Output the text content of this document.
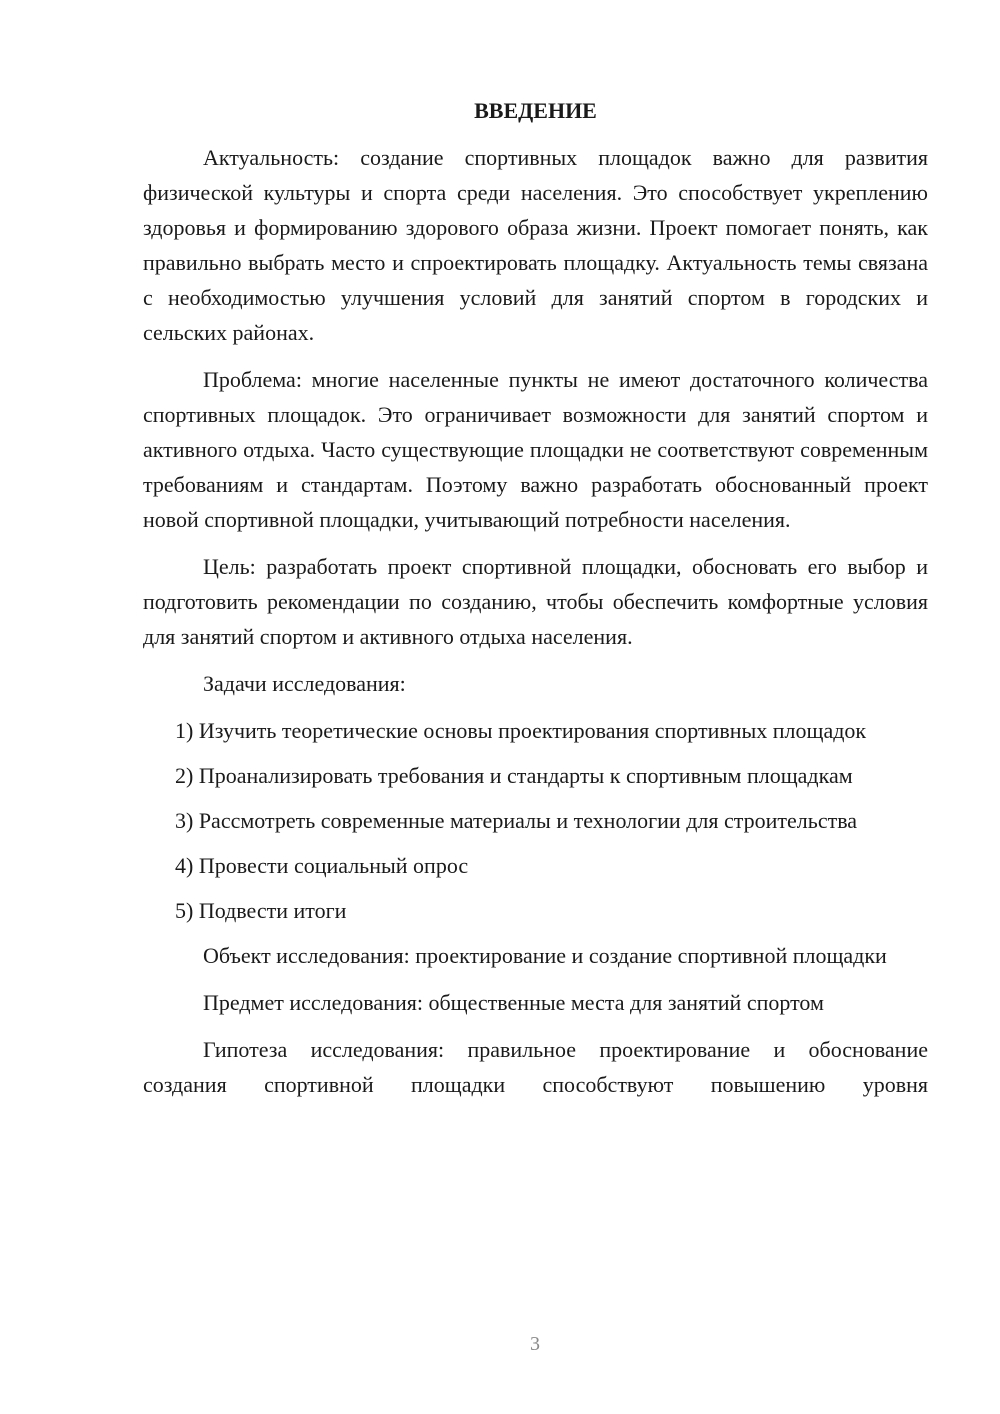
ВВЕДЕНИЕ

Актуальность: создание спортивных площадок важно для развития физической культуры и спорта среди населения. Это способствует укреплению здоровья и формированию здорового образа жизни. Проект помогает понять, как правильно выбрать место и спроектировать площадку. Актуальность темы связана с необходимостью улучшения условий для занятий спортом в городских и сельских районах.

Проблема: многие населенные пункты не имеют достаточного количества спортивных площадок. Это ограничивает возможности для занятий спортом и активного отдыха. Часто существующие площадки не соответствуют современным требованиям и стандартам. Поэтому важно разработать обоснованный проект новой спортивной площадки, учитывающий потребности населения.

Цель: разработать проект спортивной площадки, обосновать его выбор и подготовить рекомендации по созданию, чтобы обеспечить комфортные условия для занятий спортом и активного отдыха населения.

Задачи исследования:

1) Изучить теоретические основы проектирования спортивных площадок

2) Проанализировать требования и стандарты к спортивным площадкам

3) Рассмотреть современные материалы и технологии для строительства

4) Провести социальный опрос

5) Подвести итоги

Объект исследования: проектирование и создание спортивной площадки

Предмет исследования: общественные места для занятий спортом

Гипотеза исследования: правильное проектирование и обоснование создания спортивной площадки способствуют повышению уровня

3
